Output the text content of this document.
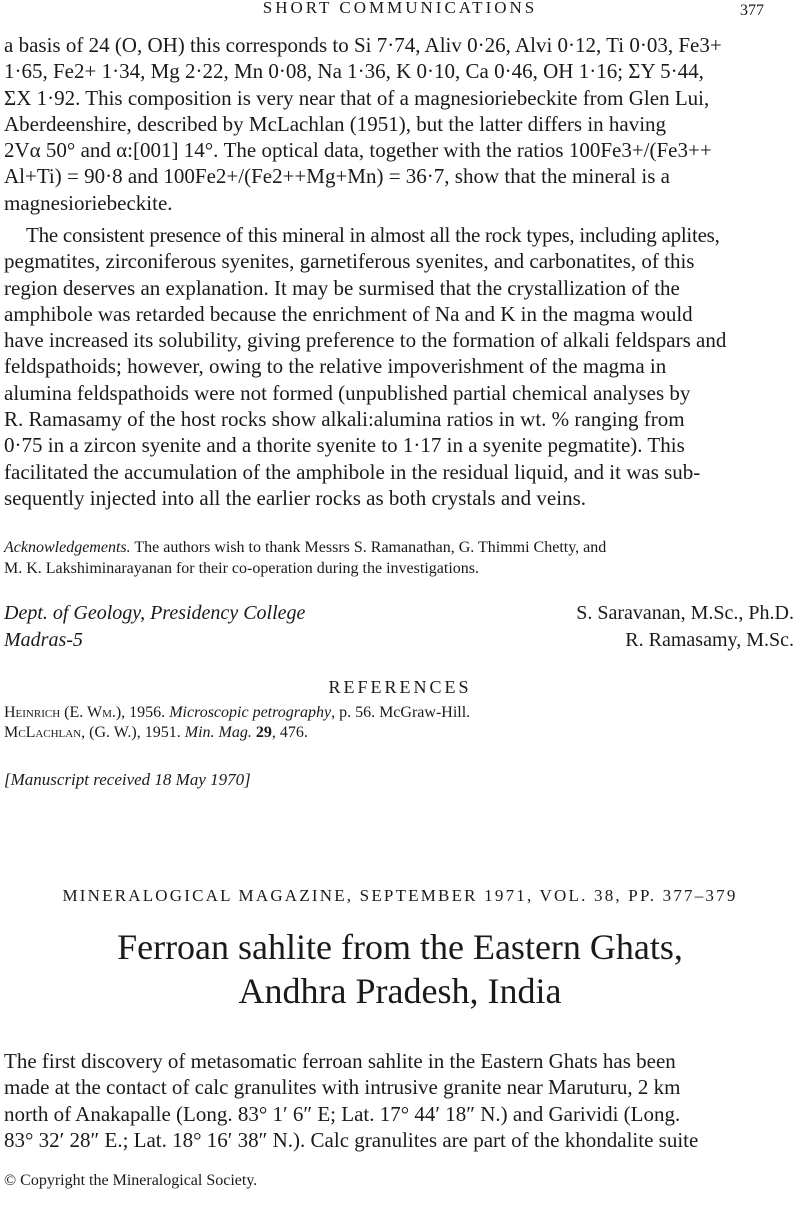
SHORT COMMUNICATIONS	377
a basis of 24 (O, OH) this corresponds to Si 7·74, Aliv 0·26, Alvi 0·12, Ti 0·03, Fe3+
1·65, Fe2+ 1·34, Mg 2·22, Mn 0·08, Na 1·36, K 0·10, Ca 0·46, OH 1·16; ΣY 5·44,
ΣX 1·92. This composition is very near that of a magnesioriebeckite from Glen Lui,
Aberdeenshire, described by McLachlan (1951), but the latter differs in having
2Vα 50° and α:[001] 14°. The optical data, together with the ratios 100Fe3+/(Fe3++
Al+Ti) = 90·8 and 100Fe2+/(Fe2++Mg+Mn) = 36·7, show that the mineral is a
magnesioriebeckite.
The consistent presence of this mineral in almost all the rock types, including aplites,
pegmatites, zirconiferous syenites, garnetiferous syenites, and carbonatites, of this
region deserves an explanation. It may be surmised that the crystallization of the
amphibole was retarded because the enrichment of Na and K in the magma would
have increased its solubility, giving preference to the formation of alkali feldspars and
feldspathoids; however, owing to the relative impoverishment of the magma in
alumina feldspathoids were not formed (unpublished partial chemical analyses by
R. Ramasamy of the host rocks show alkali:alumina ratios in wt. % ranging from
0·75 in a zircon syenite and a thorite syenite to 1·17 in a syenite pegmatite). This
facilitated the accumulation of the amphibole in the residual liquid, and it was sub-
sequently injected into all the earlier rocks as both crystals and veins.
Acknowledgements. The authors wish to thank Messrs S. Ramanathan, G. Thimmi Chetty, and
M. K. Lakshiminarayanan for their co-operation during the investigations.
Dept. of Geology, Presidency College
Madras-5
S. Saravanan, M.Sc., Ph.D.
R. Ramasamy, M.Sc.
REFERENCES
Heinrich (E. Wm.), 1956. Microscopic petrography, p. 56. McGraw-Hill.
McLachlan, (G. W.), 1951. Min. Mag. 29, 476.
[Manuscript received 18 May 1970]
MINERALOGICAL MAGAZINE, SEPTEMBER 1971, VOL. 38, PP. 377–379
Ferroan sahlite from the Eastern Ghats,
Andhra Pradesh, India
The first discovery of metasomatic ferroan sahlite in the Eastern Ghats has been
made at the contact of calc granulites with intrusive granite near Maruturu, 2 km
north of Anakapalle (Long. 83° 1′ 6″ E; Lat. 17° 44′ 18″ N.) and Garividi (Long.
83° 32′ 28″ E.; Lat. 18° 16′ 38″ N.). Calc granulites are part of the khondalite suite
© Copyright the Mineralogical Society.
